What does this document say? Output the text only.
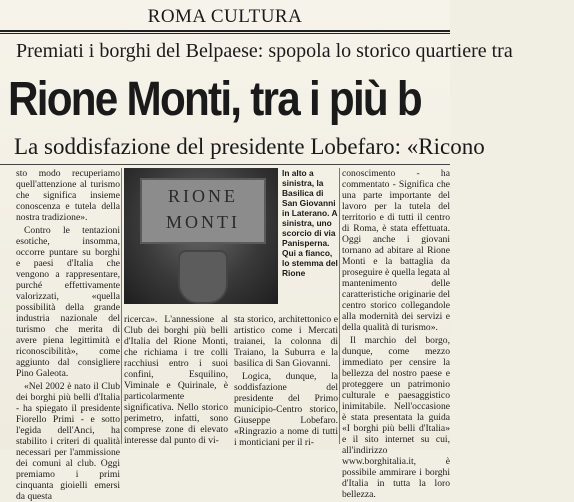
ROMA CULTURA
Premiati i borghi del Belpaese: spopola lo storico quartiere tra
Rione Monti, tra i più b
La soddisfazione del presidente Lobefaro: «Ricono

sto modo recuperiamo quell'attenzione al turismo che significa insieme conoscenza e tutela della nostra tradizione».

Contro le tentazioni esotiche, insomma, occorre puntare su borghi e paesi d'Italia che vengono a rappresentare, purché effettivamente valorizzati, «quella possibilità della grande industria nazionale del turismo che merita di avere piena legittimità e riconoscibilità», come aggiunto dal consigliere Pino Galeota.

«Nel 2002 è nato il Club dei borghi più belli d'Italia - ha spiegato il presidente Fiorello Primi - e sotto l'egida dell'Anci, ha stabilito i criteri di qualità necessari per l'ammissione dei comuni al club. Oggi premiamo i primi cinquanta gioielli emersi da questa

RIONE
MONTI
In alto a sinistra, la Basilica di San Giovanni in Laterano. A sinistra, uno scorcio di via Panisperna. Qui a fianco, lo stemma del Rione

ricerca». L'annessione al Club dei borghi più belli d'Italia del Rione Monti, che richiama i tre colli racchiusi entro i suoi confini, Esquilino, Viminale e Quirinale, è particolarmente significativa. Nello storico perimetro, infatti, sono comprese zone di elevato interesse dal punto di vi-

sta storico, architettonico e artistico come i Mercati traianei, la colonna di Traiano, la Suburra e la basilica di San Giovanni.

Logica, dunque, la soddisfazione del presidente del Primo municipio-Centro storico, Giuseppe Lobefaro. «Ringrazio a nome di tutti i monticiani per il ri-

conoscimento - ha commentato - Significa che una parte importante del lavoro per la tutela del territorio e di tutti il centro di Roma, è stata effettuata. Oggi anche i giovani tornano ad abitare al Rione Monti e la battaglia da proseguire è quella legata al mantenimento delle caratteristiche originarie del centro storico collegandole alla modernità dei servizi e della qualità di turismo».

Il marchio del borgo, dunque, come mezzo immediato per censire la bellezza del nostro paese e proteggere un patrimonio culturale e paesaggistico inimitabile. Nell'occasione è stata presentata la guida «I borghi più belli d'Italia» e il sito internet su cui, all'indirizzo www.borghitalia.it, è possibile ammirare i borghi d'Italia in tutta la loro bellezza.
